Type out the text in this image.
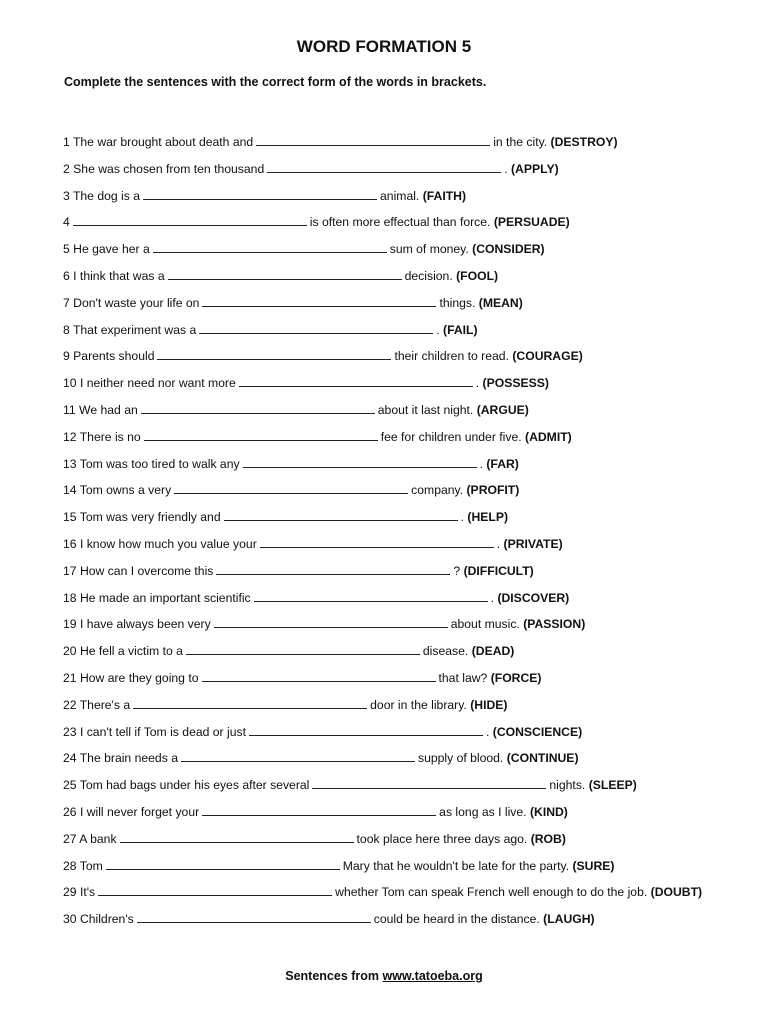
WORD FORMATION 5
Complete the sentences with the correct form of the words in brackets.
1 The war brought about death and	in the city. (DESTROY)
2 She was chosen from ten thousand	. (APPLY)
3 The dog is a	animal. (FAITH)
4	is often more effectual than force. (PERSUADE)
5 He gave her a	sum of money. (CONSIDER)
6 I think that was a	decision. (FOOL)
7 Don't waste your life on	things. (MEAN)
8 That experiment was a	. (FAIL)
9 Parents should	their children to read. (COURAGE)
10 I neither need nor want more	. (POSSESS)
11 We had an	about it last night. (ARGUE)
12 There is no	fee for children under five. (ADMIT)
13 Tom was too tired to walk any	. (FAR)
14 Tom owns a very	company. (PROFIT)
15 Tom was very friendly and	. (HELP)
16 I know how much you value your	. (PRIVATE)
17 How can I overcome this	? (DIFFICULT)
18 He made an important scientific	. (DISCOVER)
19 I have always been very	about music. (PASSION)
20 He fell a victim to a	disease. (DEAD)
21 How are they going to	that law? (FORCE)
22 There's a	door in the library. (HIDE)
23 I can't tell if Tom is dead or just	. (CONSCIENCE)
24 The brain needs a	supply of blood. (CONTINUE)
25 Tom had bags under his eyes after several	nights. (SLEEP)
26 I will never forget your	as long as I live. (KIND)
27 A bank	took place here three days ago. (ROB)
28 Tom	Mary that he wouldn't be late for the party. (SURE)
29 It's	whether Tom can speak French well enough to do the job. (DOUBT)
30 Children's	could be heard in the distance. (LAUGH)
Sentences from www.tatoeba.org
